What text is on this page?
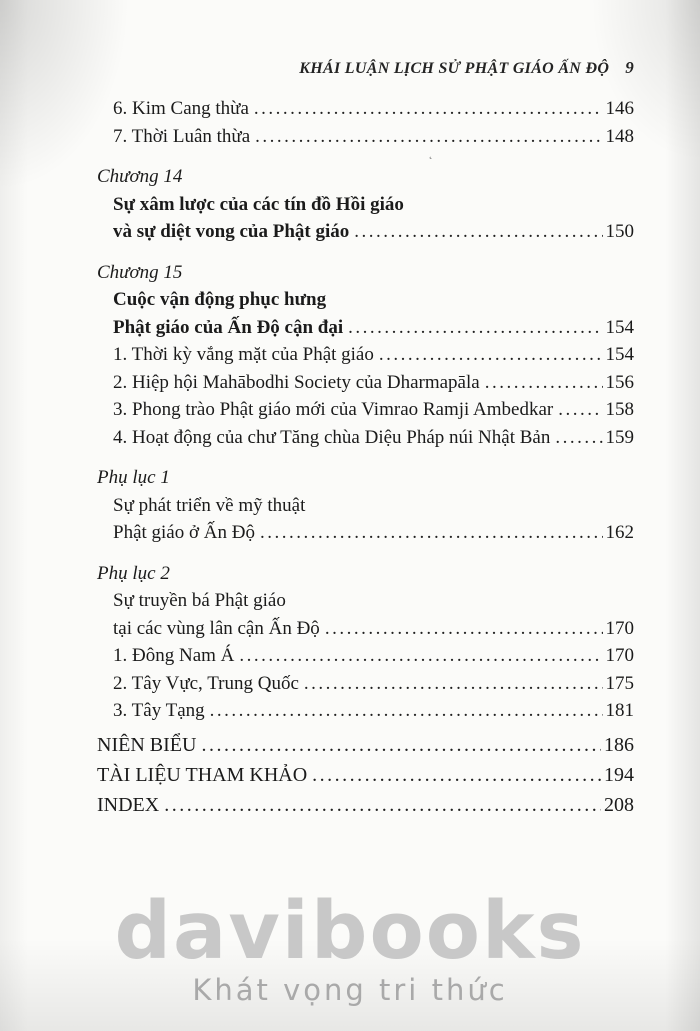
KHÁI LUẬN LỊCH SỬ PHẬT GIÁO ẤN ĐỘ 9
6. Kim Cang thừa .....	146
7. Thời Luân thừa .....	148
Chương 14
Sự xâm lược của các tín đồ Hồi giáo
và sự diệt vong của Phật giáo .....	150
Chương 15
Cuộc vận động phục hưng
Phật giáo của Ấn Độ cận đại .....	154
1. Thời kỳ vắng mặt của Phật giáo .....	154
2. Hiệp hội Mahābodhi Society của Dharmapāla .....	156
3. Phong trào Phật giáo mới của Vimrao Ramji Ambedkar .....	158
4. Hoạt động của chư Tăng chùa Diệu Pháp núi Nhật Bản .....	159
Phụ lục 1
Sự phát triển về mỹ thuật
Phật giáo ở Ấn Độ .....	162
Phụ lục 2
Sự truyền bá Phật giáo
tại các vùng lân cận Ấn Độ .....	170
1. Đông Nam Á .....	170
2. Tây Vực, Trung Quốc .....	175
3. Tây Tạng .....	181
NIÊN BIỂU .....	186
TÀI LIỆU THAM KHẢO .....	194
INDEX .....	208
˛
davibooks
Khát vọng tri thức
